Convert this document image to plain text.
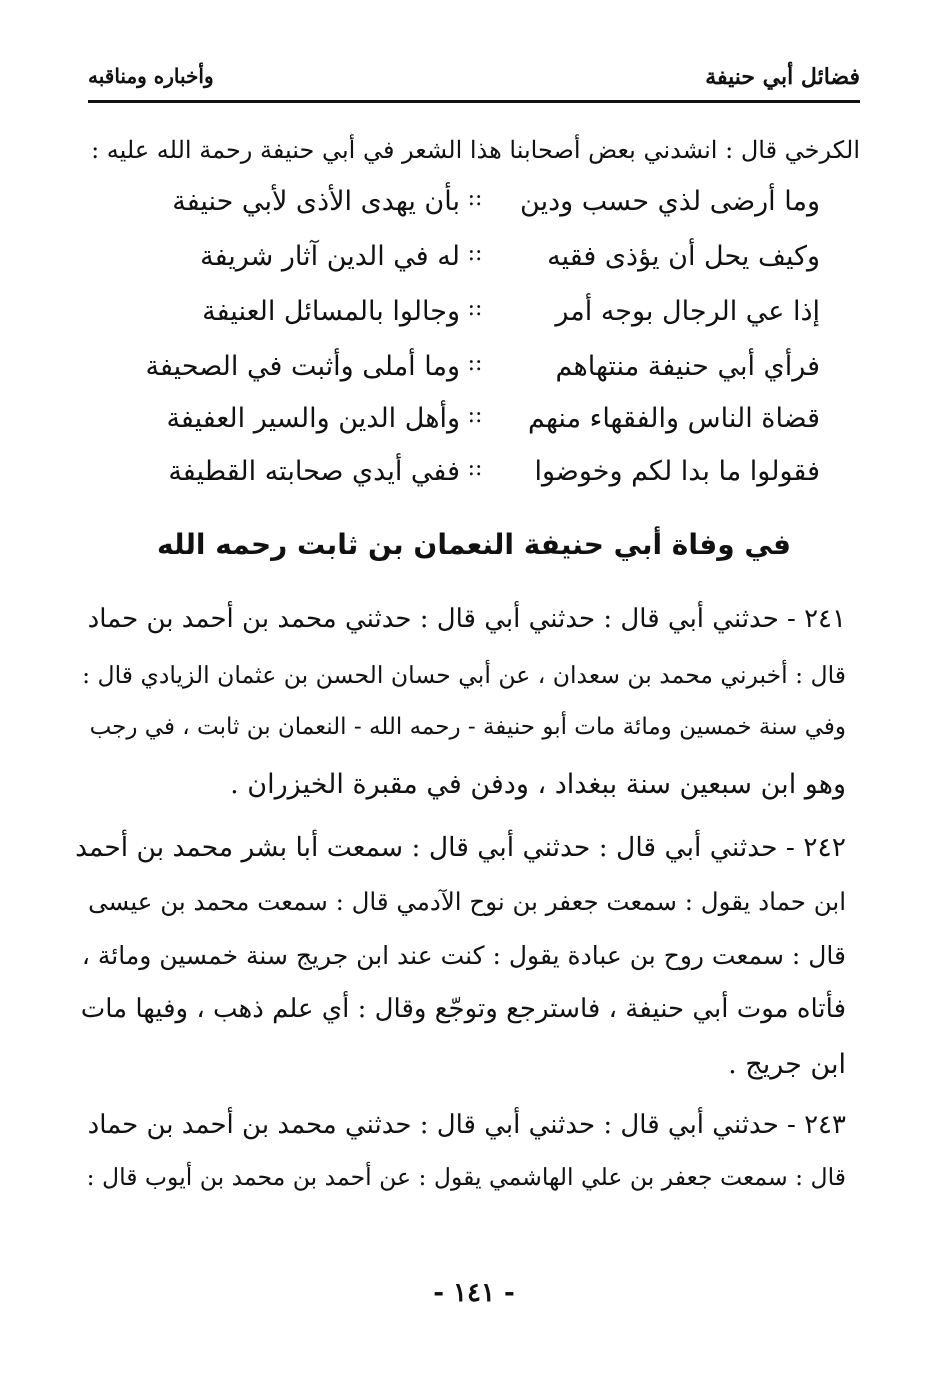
فضائل أبي حنيفة
وأخباره ومناقبه
الكرخي قال : انشدني بعض أصحابنا هذا الشعر في أبي حنيفة رحمة الله عليه :
وما أرضى لذي حسب ودين
::
بأن يهدى الأذى لأبي حنيفة
وكيف يحل أن يؤذى فقيه
::
له في الدين آثار شريفة
إذا عي الرجال بوجه أمر
::
وجالوا بالمسائل العنيفة
فرأي أبي حنيفة منتهاهم
::
وما أملى وأثبت في الصحيفة
قضاة الناس والفقهاء منهم
::
وأهل الدين والسير العفيفة
فقولوا ما بدا لكم وخوضوا
::
ففي أيدي صحابته القطيفة
في وفاة أبي حنيفة النعمان بن ثابت رحمه الله
٢٤١ - حدثني أبي قال : حدثني أبي قال : حدثني محمد بن أحمد بن حماد
قال : أخبرني محمد بن سعدان ، عن أبي حسان الحسن بن عثمان الزيادي قال :
وفي سنة خمسين ومائة مات أبو حنيفة - رحمه الله - النعمان بن ثابت ، في رجب
وهو ابن سبعين سنة ببغداد ، ودفن في مقبرة الخيزران .
٢٤٢ - حدثني أبي قال : حدثني أبي قال : سمعت أبا بشر محمد بن أحمد
ابن حماد يقول : سمعت جعفر بن نوح الآدمي قال : سمعت محمد بن عيسى
قال : سمعت روح بن عبادة يقول : كنت عند ابن جريج سنة خمسين ومائة ،
فأتاه موت أبي حنيفة ، فاسترجع وتوجّع وقال : أي علم ذهب ، وفيها مات
ابن جريج .
٢٤٣ - حدثني أبي قال : حدثني أبي قال : حدثني محمد بن أحمد بن حماد
قال : سمعت جعفر بن علي الهاشمي يقول : عن أحمد بن محمد بن أيوب قال :
- ١٤١ -
